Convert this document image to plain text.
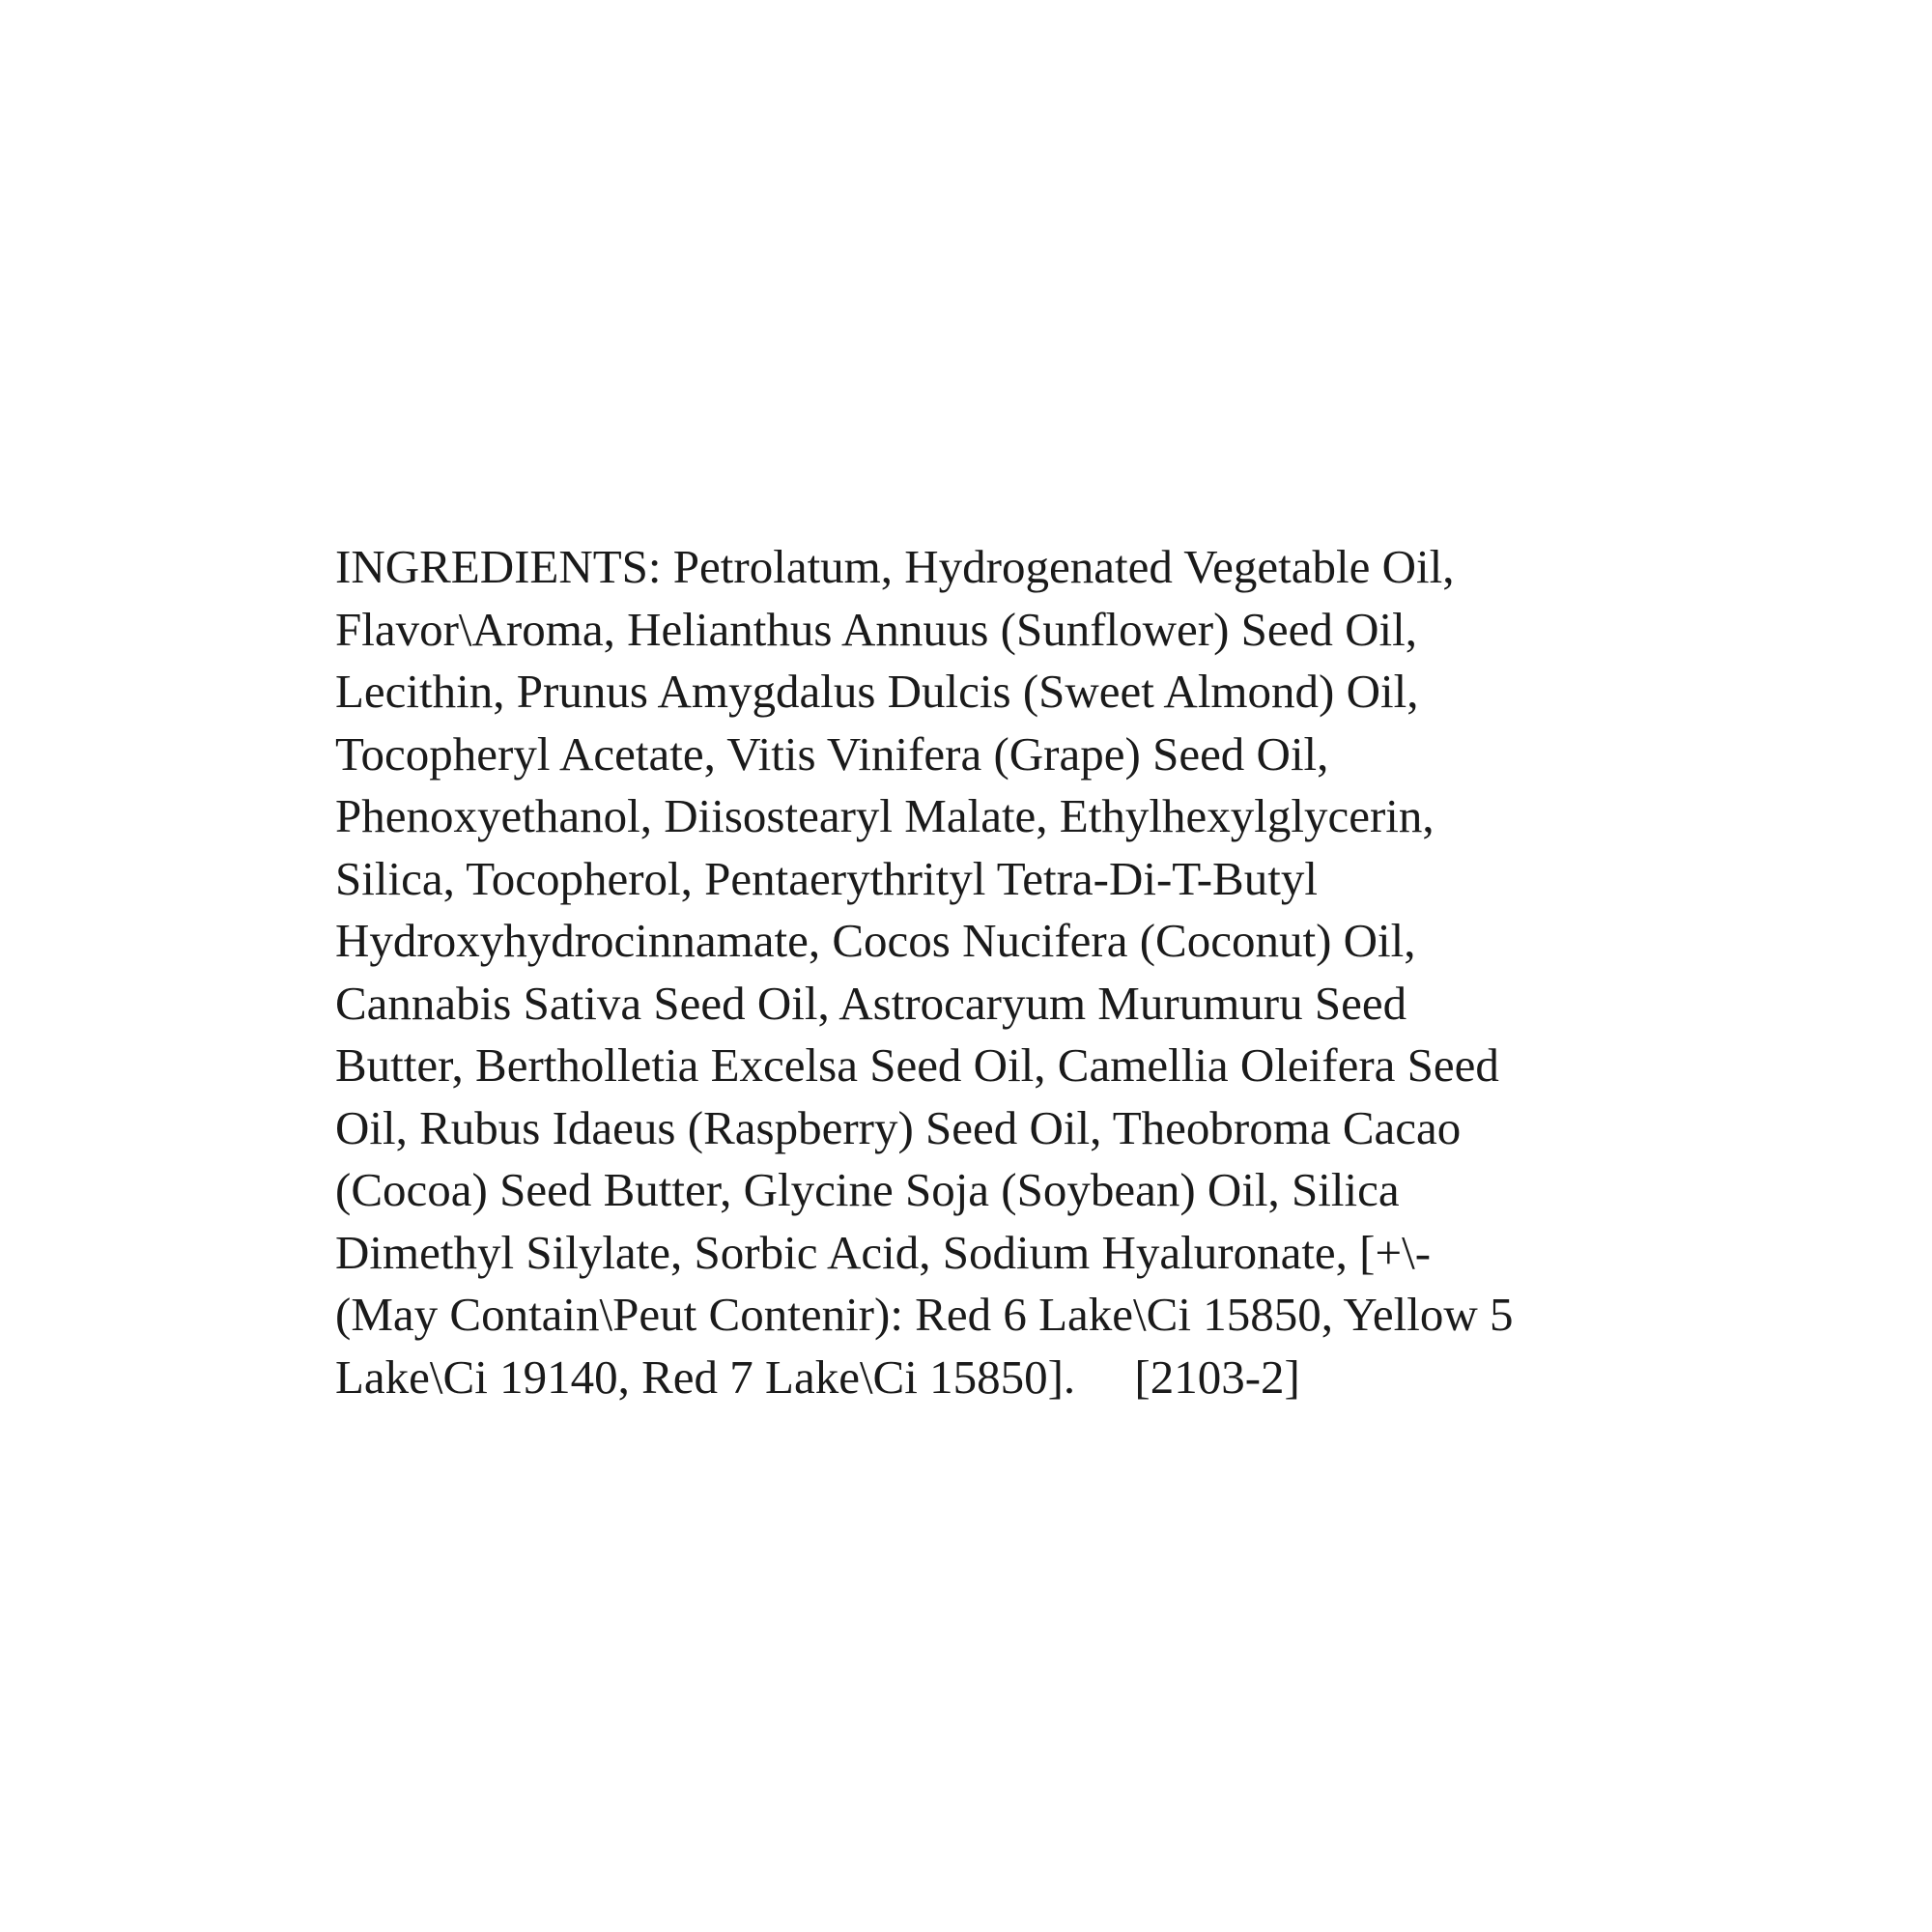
INGREDIENTS: Petrolatum, Hydrogenated Vegetable Oil,
Flavor\Aroma, Helianthus Annuus (Sunflower) Seed Oil,
Lecithin, Prunus Amygdalus Dulcis (Sweet Almond) Oil,
Tocopheryl Acetate, Vitis Vinifera (Grape) Seed Oil,
Phenoxyethanol, Diisostearyl Malate, Ethylhexylglycerin,
Silica, Tocopherol, Pentaerythrityl Tetra-Di-T-Butyl
Hydroxyhydrocinnamate, Cocos Nucifera (Coconut) Oil,
Cannabis Sativa Seed Oil, Astrocaryum Murumuru Seed
Butter, Bertholletia Excelsa Seed Oil, Camellia Oleifera Seed
Oil, Rubus Idaeus (Raspberry) Seed Oil, Theobroma Cacao
(Cocoa) Seed Butter, Glycine Soja (Soybean) Oil, Silica
Dimethyl Silylate, Sorbic Acid, Sodium Hyaluronate, [+\-
(May Contain\Peut Contenir): Red 6 Lake\Ci 15850, Yellow 5
Lake\Ci 19140, Red 7 Lake\Ci 15850].     [2103-2]
